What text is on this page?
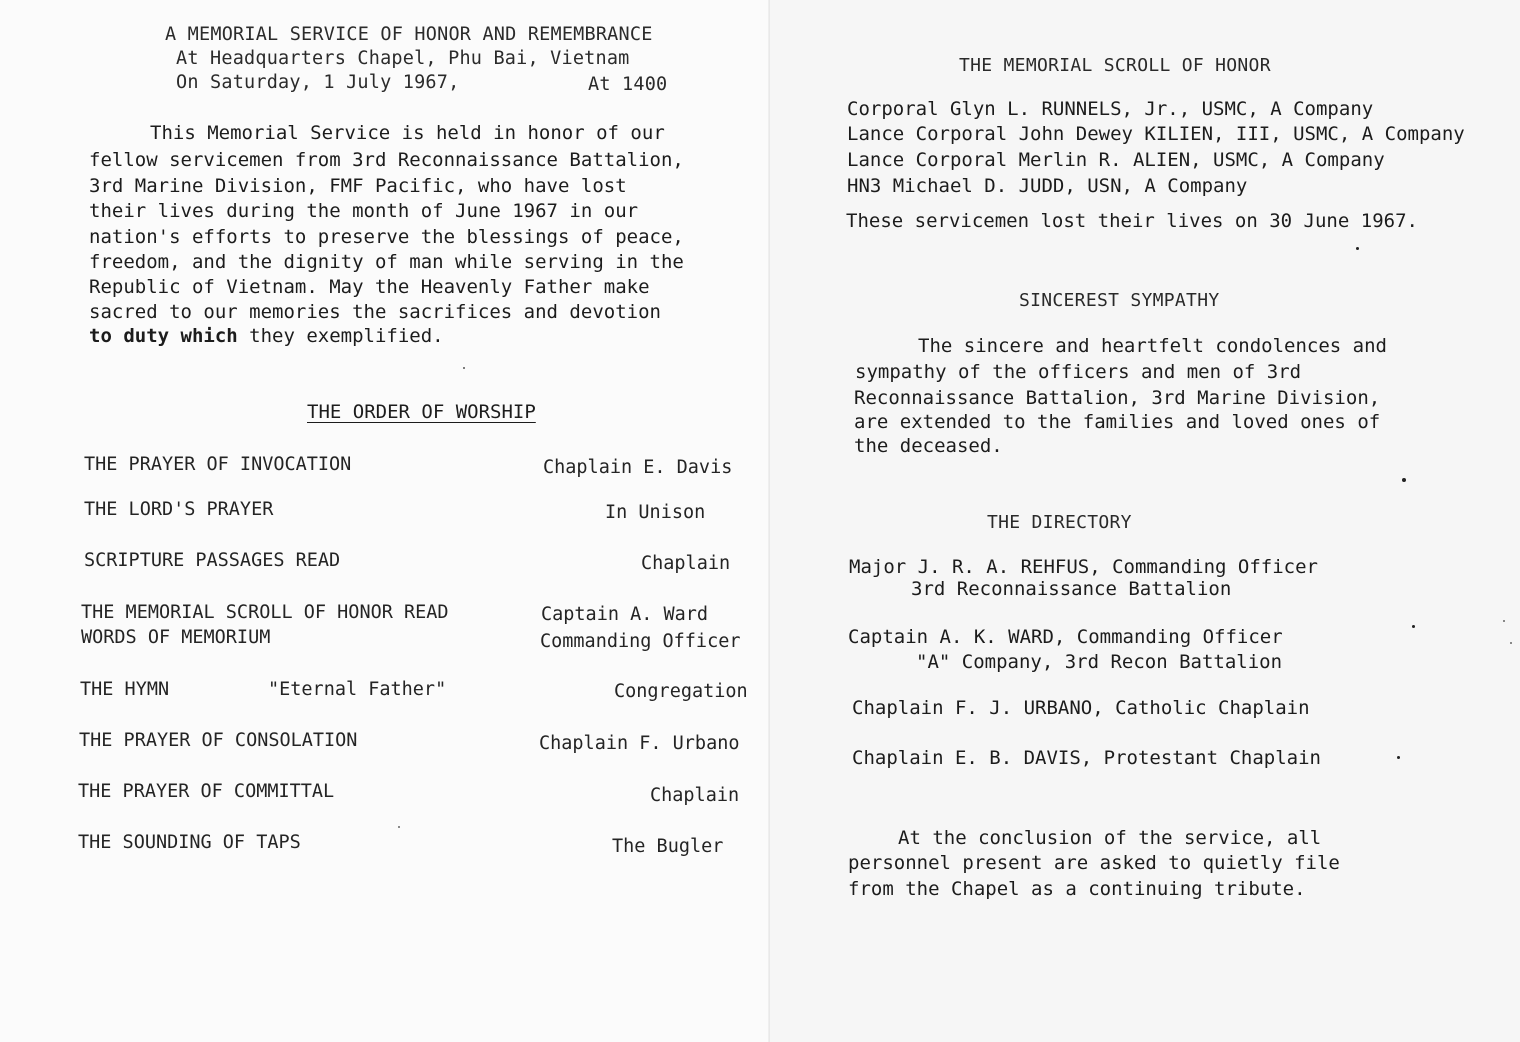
A MEMORIAL SERVICE OF HONOR AND REMEMBRANCE
At Headquarters Chapel, Phu Bai, Vietnam
On Saturday, 1 July 1967,	At 1400
This Memorial Service is held in honor of our
fellow servicemen from 3rd Reconnaissance Battalion,
3rd Marine Division, FMF Pacific, who have lost
their lives during the month of June 1967 in our
nation's efforts to preserve the blessings of peace,
freedom, and the dignity of man while serving in the
Republic of Vietnam. May the Heavenly Father make
sacred to our memories the sacrifices and devotion
to duty which they exemplified.
THE ORDER OF WORSHIP
THE PRAYER OF INVOCATION	Chaplain E. Davis
THE LORD'S PRAYER	In Unison
SCRIPTURE PASSAGES READ	Chaplain
THE MEMORIAL SCROLL OF HONOR READ	Captain A. Ward
WORDS OF MEMORIUM	Commanding Officer
THE HYMN	"Eternal Father"	Congregation
THE PRAYER OF CONSOLATION	Chaplain F. Urbano
THE PRAYER OF COMMITTAL	Chaplain
THE SOUNDING OF TAPS	The Bugler
THE MEMORIAL SCROLL OF HONOR
Corporal Glyn L. RUNNELS, Jr., USMC, A Company
Lance Corporal John Dewey KILIEN, III, USMC, A Company
Lance Corporal Merlin R. ALIEN, USMC, A Company
HN3 Michael D. JUDD, USN, A Company
These servicemen lost their lives on 30 June 1967.
SINCEREST SYMPATHY
The sincere and heartfelt condolences and
sympathy of the officers and men of 3rd
Reconnaissance Battalion, 3rd Marine Division,
are extended to the families and loved ones of
the deceased.
THE DIRECTORY
Major J. R. A. REHFUS, Commanding Officer
3rd Reconnaissance Battalion
Captain A. K. WARD, Commanding Officer
"A" Company, 3rd Recon Battalion
Chaplain F. J. URBANO, Catholic Chaplain
Chaplain E. B. DAVIS, Protestant Chaplain
At the conclusion of the service, all
personnel present are asked to quietly file
from the Chapel as a continuing tribute.
